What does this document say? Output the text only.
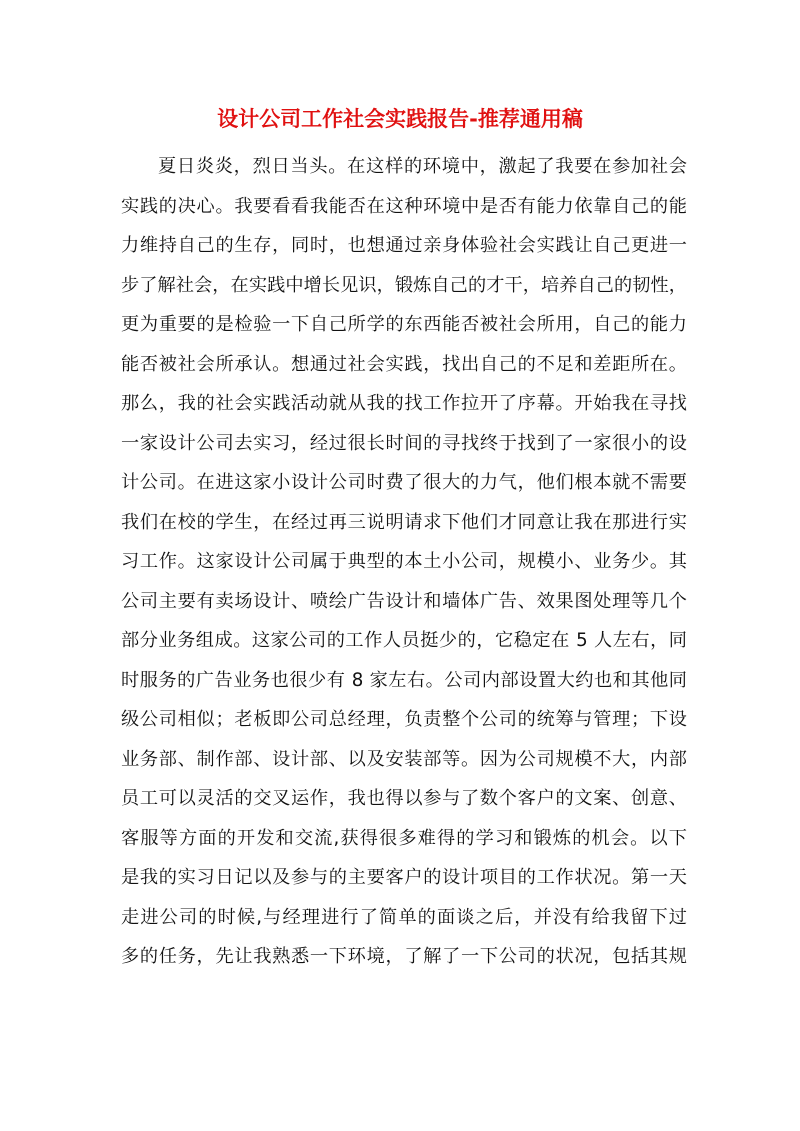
设计公司工作社会实践报告-推荐通用稿
夏日炎炎，烈日当头。在这样的环境中，激起了我要在参加社会
实践的决心。我要看看我能否在这种环境中是否有能力依靠自己的能
力维持自己的生存，同时，也想通过亲身体验社会实践让自己更进一
步了解社会，在实践中增长见识，锻炼自己的才干，培养自己的韧性，
更为重要的是检验一下自己所学的东西能否被社会所用，自己的能力
能否被社会所承认。想通过社会实践，找出自己的不足和差距所在。
那么，我的社会实践活动就从我的找工作拉开了序幕。开始我在寻找
一家设计公司去实习，经过很长时间的寻找终于找到了一家很小的设
计公司。在进这家小设计公司时费了很大的力气，他们根本就不需要
我们在校的学生，在经过再三说明请求下他们才同意让我在那进行实
习工作。这家设计公司属于典型的本土小公司，规模小、业务少。其
公司主要有卖场设计、喷绘广告设计和墙体广告、效果图处理等几个
部分业务组成。这家公司的工作人员挺少的，它稳定在 5 人左右，同
时服务的广告业务也很少有 8 家左右。公司内部设置大约也和其他同
级公司相似；老板即公司总经理，负责整个公司的统筹与管理；下设
业务部、制作部、设计部、以及安装部等。因为公司规模不大，内部
员工可以灵活的交叉运作，我也得以参与了数个客户的文案、创意、
客服等方面的开发和交流,获得很多难得的学习和锻炼的机会。以下
是我的实习日记以及参与的主要客户的设计项目的工作状况。第一天
走进公司的时候,与经理进行了简单的面谈之后，并没有给我留下过
多的任务，先让我熟悉一下环境，了解了一下公司的状况，包括其规
